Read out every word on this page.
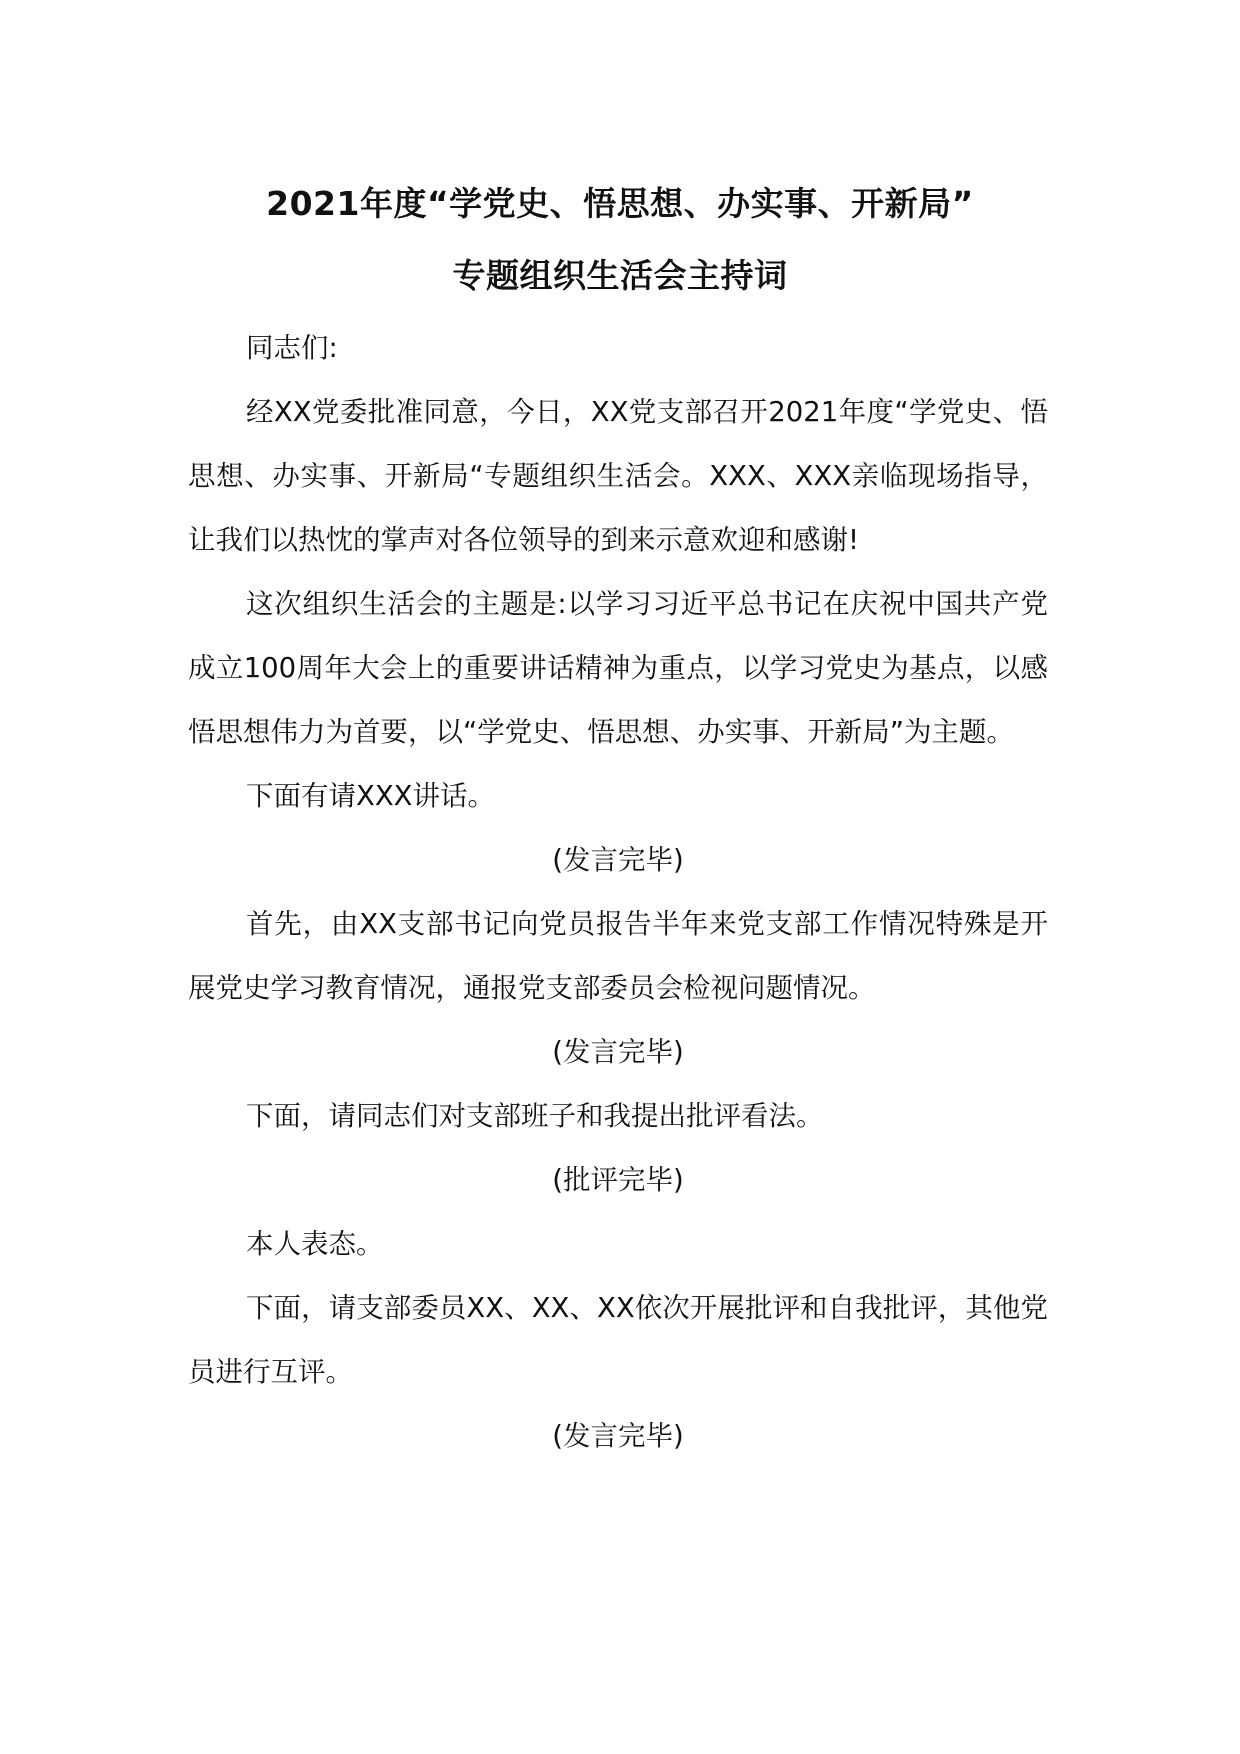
2021年度“学党史、悟思想、办实事、开新局”
专题组织生活会主持词

同志们:

经XX党委批准同意，今日，XX党支部召开2021年度“学党史、悟思想、办实事、开新局“专题组织生活会。XXX、XXX亲临现场指导，让我们以热忱的掌声对各位领导的到来示意欢迎和感谢!

这次组织生活会的主题是:以学习习近平总书记在庆祝中国共产党成立100周年大会上的重要讲话精神为重点，以学习党史为基点，以感悟思想伟力为首要，以“学党史、悟思想、办实事、开新局”为主题。

下面有请XXX讲话。

(发言完毕)

首先，由XX支部书记向党员报告半年来党支部工作情况特殊是开展党史学习教育情况，通报党支部委员会检视问题情况。

(发言完毕)

下面，请同志们对支部班子和我提出批评看法。

(批评完毕)

本人表态。

下面，请支部委员XX、XX、XX依次开展批评和自我批评，其他党员进行互评。

(发言完毕)
